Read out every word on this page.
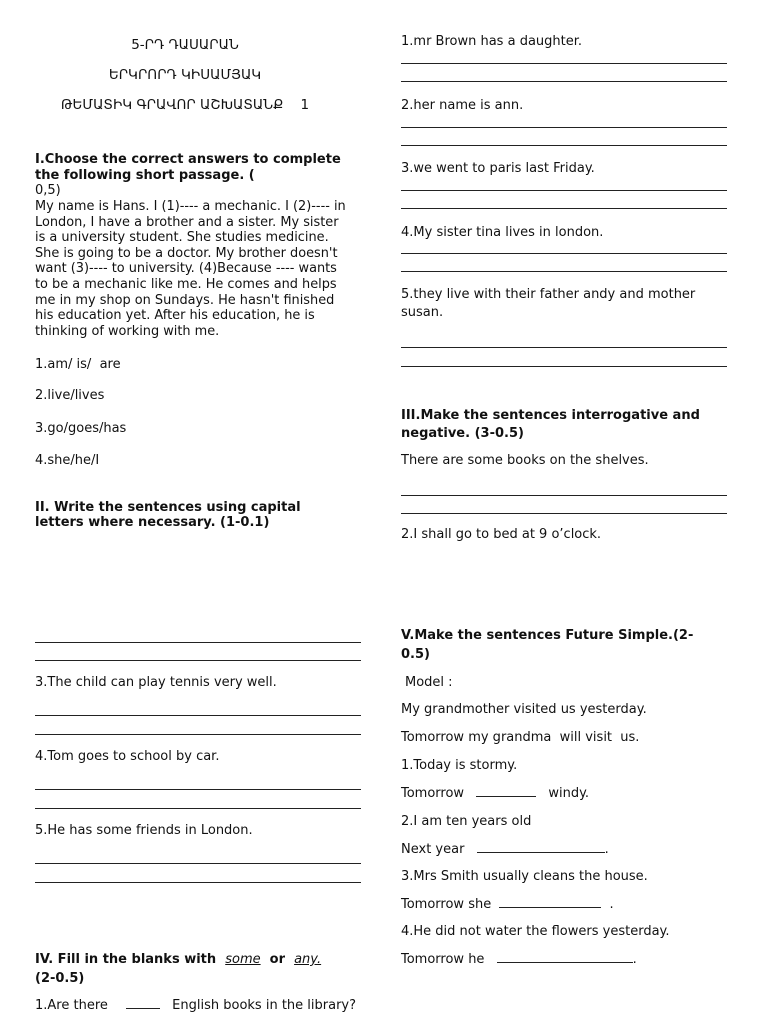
5-ՐԴ ԴԱՍԱՐԱՆ
ԵՐԿՐՈՐԴ ԿԻՍԱՄՅԱԿ
ԹԵՄԱՏԻԿ ԳՐԱՎՈՐ ԱՇԽԱՏԱՆՔ    1
I.Choose the correct answers to complete
the following short passage. (
0,5)
My name is Hans. I (1)---- a mechanic. I (2)---- in
London, I have a brother and a sister. My sister
is a university student. She studies medicine.
She is going to be a doctor. My brother doesn't
want (3)---- to university. (4)Because ---- wants
to be a mechanic like me. He comes and helps
me in my shop on Sundays. He hasn't finished
his education yet. After his education, he is
thinking of working with me.
1.am/ is/  are
2.live/lives
3.go/goes/has
4.she/he/I
II. Write the sentences using capital
letters where necessary. (1-0.1)
3.The child can play tennis very well.
4.Tom goes to school by car.
5.He has some friends in London.
IV. Fill in the blanks with some or any.
(2-0.5)
1.Are there	English books in the library?
1.mr Brown has a daughter.
2.her name is ann.
3.we went to paris last Friday.
4.My sister tina lives in london.
5.they live with their father andy and mother
susan.
III.Make the sentences interrogative and
negative. (3-0.5)
There are some books on the shelves.
2.I shall go to bed at 9 o’clock.
V.Make the sentences Future Simple.(2-
0.5)
Model :
My grandmother visited us yesterday.
Tomorrow my grandma  will visit  us.
1.Today is stormy.
Tomorrow	windy.
2.I am ten years old
Next year	.
3.Mrs Smith usually cleans the house.
Tomorrow she	.
4.He did not water the flowers yesterday.
Tomorrow he	.
